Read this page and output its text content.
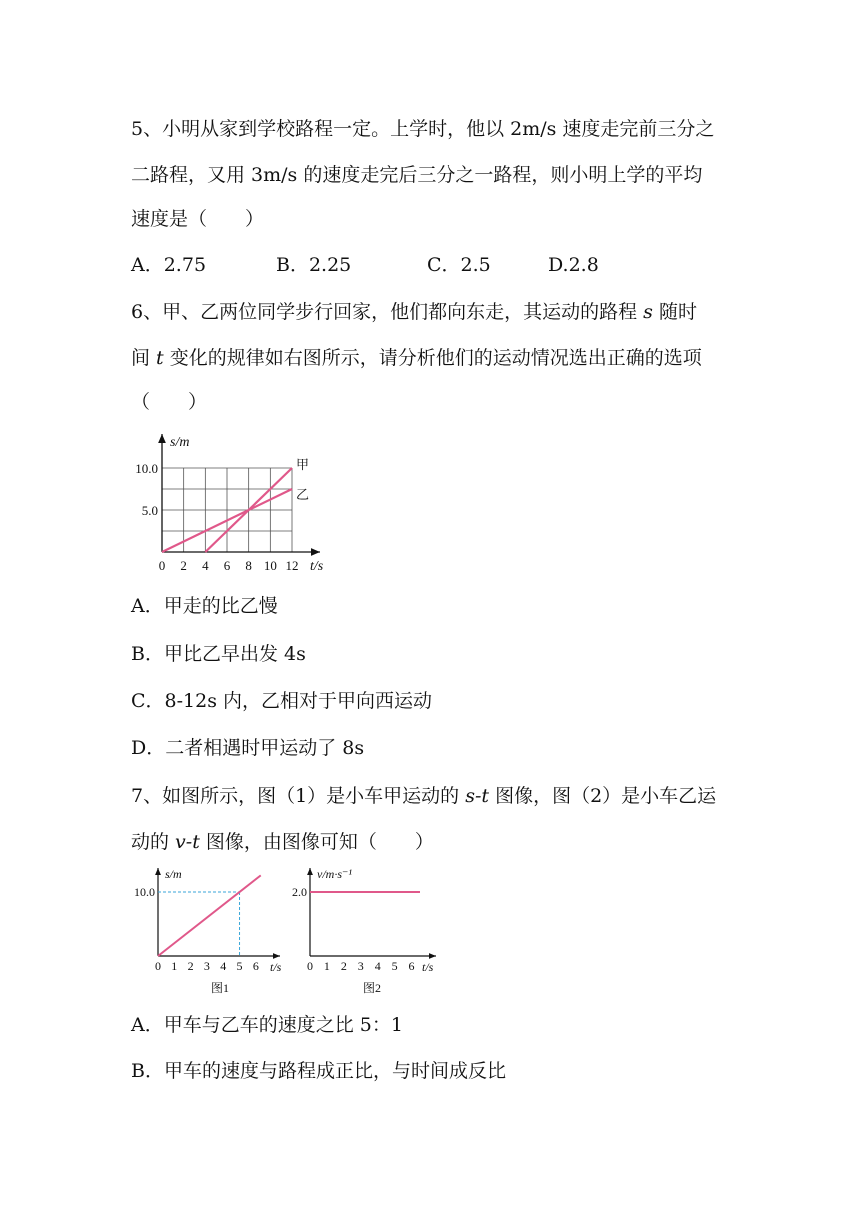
5、小明从家到学校路程一定。上学时，他以 2m/s 速度走完前三分之
二路程，又用 3m/s 的速度走完后三分之一路程，则小明上学的平均
速度是（　　）
A．2.75	B．2.25	C．2.5	D.2.8
6、甲、乙两位同学步行回家，他们都向东走，其运动的路程 s 随时
间 t 变化的规律如右图所示，请分析他们的运动情况选出正确的选项
（　　）
甲
乙
0 2 4 6 8 10 12
5.0
10.0
s/m
t/s
A．甲走的比乙慢
B．甲比乙早出发 4s
C．8-12s 内，乙相对于甲向西运动
D．二者相遇时甲运动了 8s
7、如图所示，图（1）是小车甲运动的 s-t 图像，图（2）是小车乙运
动的 v-t 图像，由图像可知（　　）
0 1 2 3 4 5 6
10.0
s/m
t/s
图1
0 1 2 3 4 5 6
2.0
v/m·s⁻¹
t/s
图2
A．甲车与乙车的速度之比 5：1
B．甲车的速度与路程成正比，与时间成反比
